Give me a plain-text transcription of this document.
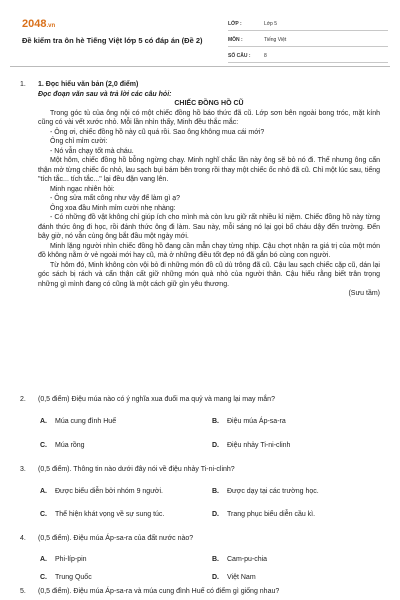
2048.vn
Đề kiểm tra ôn hè Tiếng Việt lớp 5 có đáp án (Đề 2)
LỚP :	Lớp 5
MÔN :	Tiếng Việt
SỐ CÂU :	8
1. 1. Đọc hiểu văn bản (2,0 điểm)
Đọc đoạn văn sau và trả lời các câu hỏi:
CHIẾC ĐỒNG HỒ CŨ
Trong góc tủ của ông nội có một chiếc đồng hồ báo thức đã cũ. Lớp sơn bên ngoài bong tróc, mặt kính cũng có vài vết xước nhỏ. Mỗi lần nhìn thấy, Minh đều thắc mắc:
- Ông ơi, chiếc đồng hồ này cũ quá rồi. Sao ông không mua cái mới?
Ông chỉ mỉm cười:
- Nó vẫn chạy tốt mà cháu.
Một hôm, chiếc đồng hồ bỗng ngừng chạy. Minh nghĩ chắc lần này ông sẽ bỏ nó đi. Thế nhưng ông cẩn thận mở từng chiếc ốc nhỏ, lau sạch bụi bám bên trong rồi thay một chiếc ốc nhỏ đã cũ. Chỉ một lúc sau, tiếng "tích tắc... tích tắc..." lại đều đặn vang lên.
Minh ngạc nhiên hỏi:
- Ông sửa mất công như vậy để làm gì ạ?
Ông xoa đầu Minh mỉm cười nhẹ nhàng:
- Có những đồ vật không chỉ giúp ích cho mình mà còn lưu giữ rất nhiều kỉ niệm. Chiếc đồng hồ này từng đánh thức ông đi học, rồi đánh thức ông đi làm. Sau này, mỗi sáng nó lại gọi bố cháu dậy đến trường. Đến bây giờ, nó vẫn cùng ông bắt đầu một ngày mới.
Minh lặng người nhìn chiếc đồng hồ đang cần mẫn chạy từng nhịp. Cậu chợt nhận ra giá trị của một món đồ không nằm ở vẻ ngoài mới hay cũ, mà ở những điều tốt đẹp nó đã gắn bó cùng con người.
Từ hôm đó, Minh không còn vội bỏ đi những món đồ cũ dù trông đã cũ. Cậu lau sạch chiếc cặp cũ, dán lại góc sách bị rách và cẩn thận cất giữ những món quà nhỏ của người thân. Cậu hiểu rằng biết trân trọng những gì mình đang có cũng là một cách giữ gìn yêu thương.
(Sưu tầm)
2. (0,5 điểm) Điệu múa nào có ý nghĩa xua đuổi ma quỷ và mang lại may mắn?
A. Múa cung đình Huế	B. Điệu múa Áp-sa-ra
C. Múa rồng	D. Điệu nhảy Ti-ni-clinh
3. (0,5 điểm). Thông tin nào dưới đây nói về điệu nhảy Ti-ni-clinh?
A. Được biểu diễn bởi nhóm 9 người.	B. Được dạy tại các trường học.
C. Thể hiện khát vọng về sự sung túc.	D. Trang phục biểu diễn cầu kì.
4. (0,5 điểm). Điệu múa Áp-sa-ra của đất nước nào?
A. Phi-líp-pin	B. Cam-pu-chia
C. Trung Quốc	D. Việt Nam
5. (0,5 điểm). Điệu múa Áp-sa-ra và múa cung đình Huế có điểm gì giống nhau?
